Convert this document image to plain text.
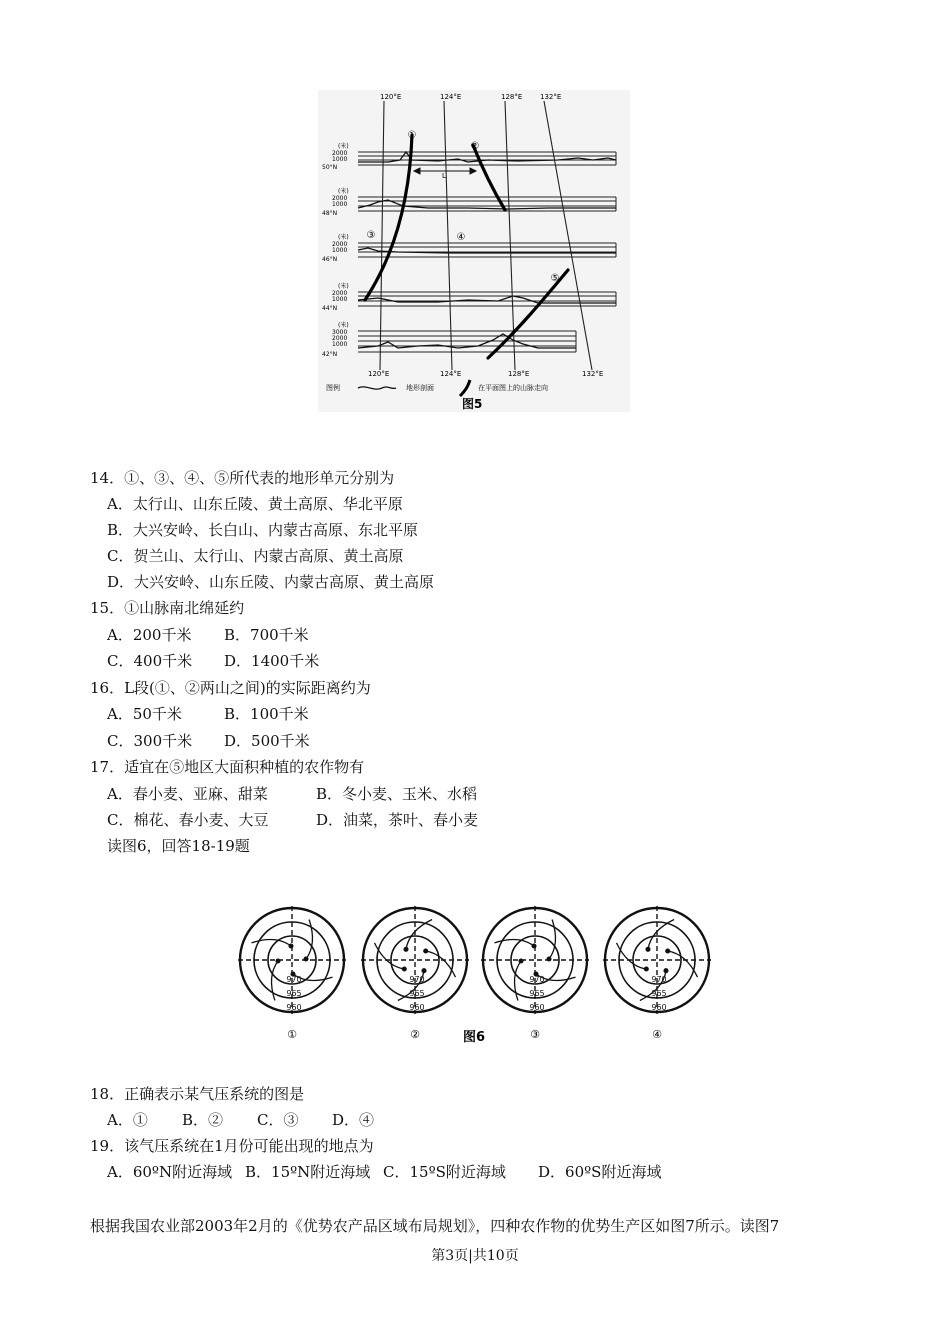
120°E	124°E	128°E	132°E
L
①
②
③	④
⑤
(米)
2000
1000
50°N
(米)
2000
1000
48°N
(米)
2000
1000
46°N
(米)
2000
1000
44°N
(米)
3000
2000
1000
42°N
120°E	124°E	128°E	132°E
图例	地形剖面	在平面图上的山脉走向
图5
14．①、③、④、⑤所代表的地形单元分别为
A．太行山、山东丘陵、黄土高原、华北平原
B．大兴安岭、长白山、内蒙古高原、东北平原
C．贺兰山、太行山、内蒙古高原、黄土高原
D．大兴安岭、山东丘陵、内蒙古高原、黄土高原
15．①山脉南北绵延约
A．200千米 B．700千米
C．400千米 D．1400千米
16．L段(①、②两山之间)的实际距离约为
A．50千米	B．100千米
C．300千米 D．500千米
17．适宜在⑤地区大面积种植的农作物有
A．春小麦、亚麻、甜菜	B．冬小麦、玉米、水稻
C．棉花、春小麦、大豆	D．油菜，茶叶、春小麦
读图6，回答18-19题
970
965
960
970
965
960
970
965
960
970
965
960
①	②	③	④
图6
18．正确表示某气压系统的图是
A．① B．② C．③ D．④
19．该气压系统在1月份可能出现的地点为
A．60ºN附近海域 B．15ºN附近海域 C．15ºS附近海域 D．60ºS附近海域
根据我国农业部2003年2月的《优势农产品区域布局规划》，四种农作物的优势生产区如图7所示。读图7
第3页|共10页
